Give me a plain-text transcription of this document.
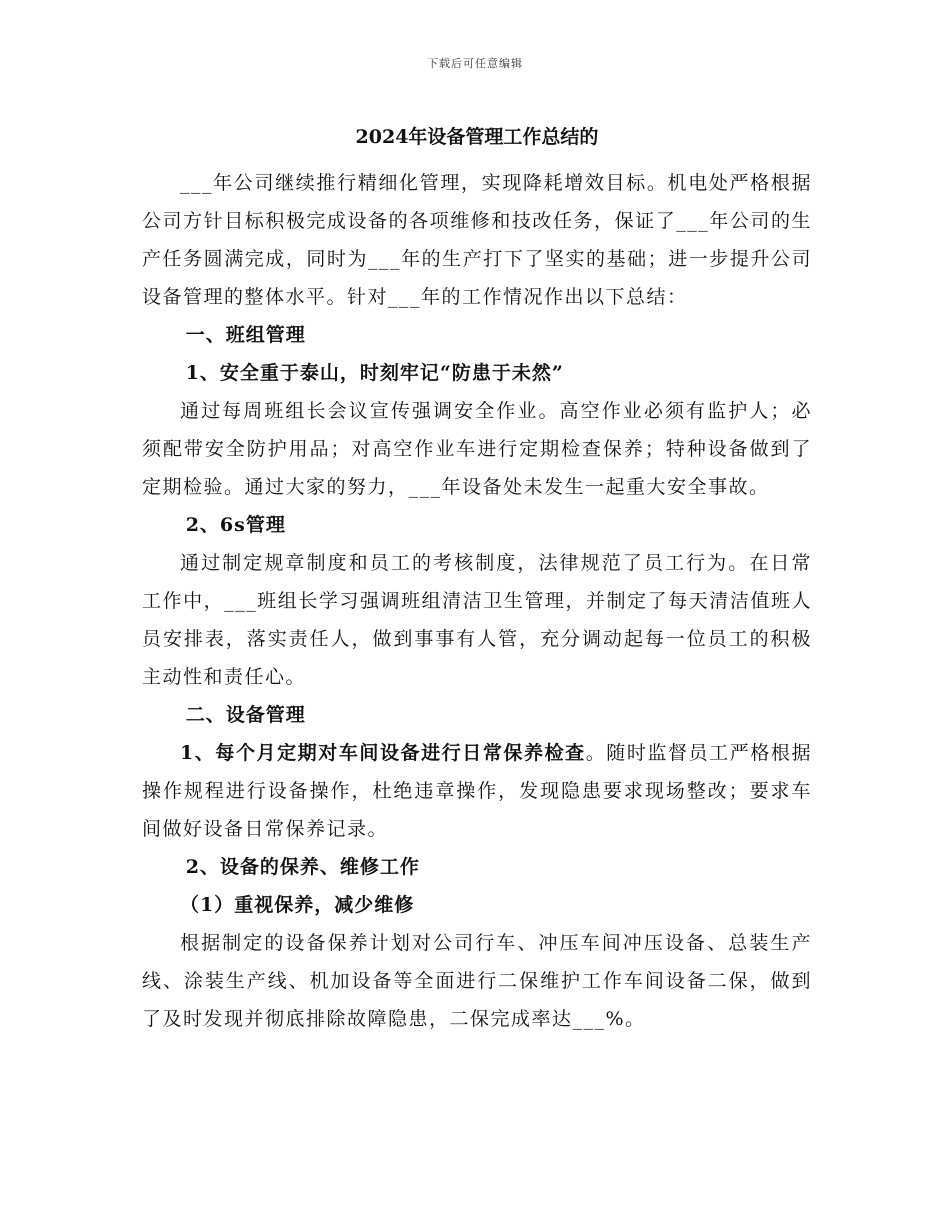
下载后可任意编辑
2024年设备管理工作总结的

___年公司继续推行精细化管理，实现降耗增效目标。机电处严格根据公司方针目标积极完成设备的各项维修和技改任务，保证了___年公司的生产任务圆满完成，同时为___年的生产打下了坚实的基础；进一步提升公司设备管理的整体水平。针对___年的工作情况作出以下总结：

一、班组管理

1、安全重于泰山，时刻牢记“防患于未然”

通过每周班组长会议宣传强调安全作业。高空作业必须有监护人；必须配带安全防护用品；对高空作业车进行定期检查保养；特种设备做到了定期检验。通过大家的努力，___年设备处未发生一起重大安全事故。

2、6s管理

通过制定规章制度和员工的考核制度，法律规范了员工行为。在日常工作中，___班组长学习强调班组清洁卫生管理，并制定了每天清洁值班人员安排表，落实责任人，做到事事有人管，充分调动起每一位员工的积极主动性和责任心。

二、设备管理

1、每个月定期对车间设备进行日常保养检查。随时监督员工严格根据操作规程进行设备操作，杜绝违章操作，发现隐患要求现场整改；要求车间做好设备日常保养记录。

2、设备的保养、维修工作

（1）重视保养，减少维修

根据制定的设备保养计划对公司行车、冲压车间冲压设备、总装生产线、涂装生产线、机加设备等全面进行二保维护工作车间设备二保，做到了及时发现并彻底排除故障隐患，二保完成率达___%。
